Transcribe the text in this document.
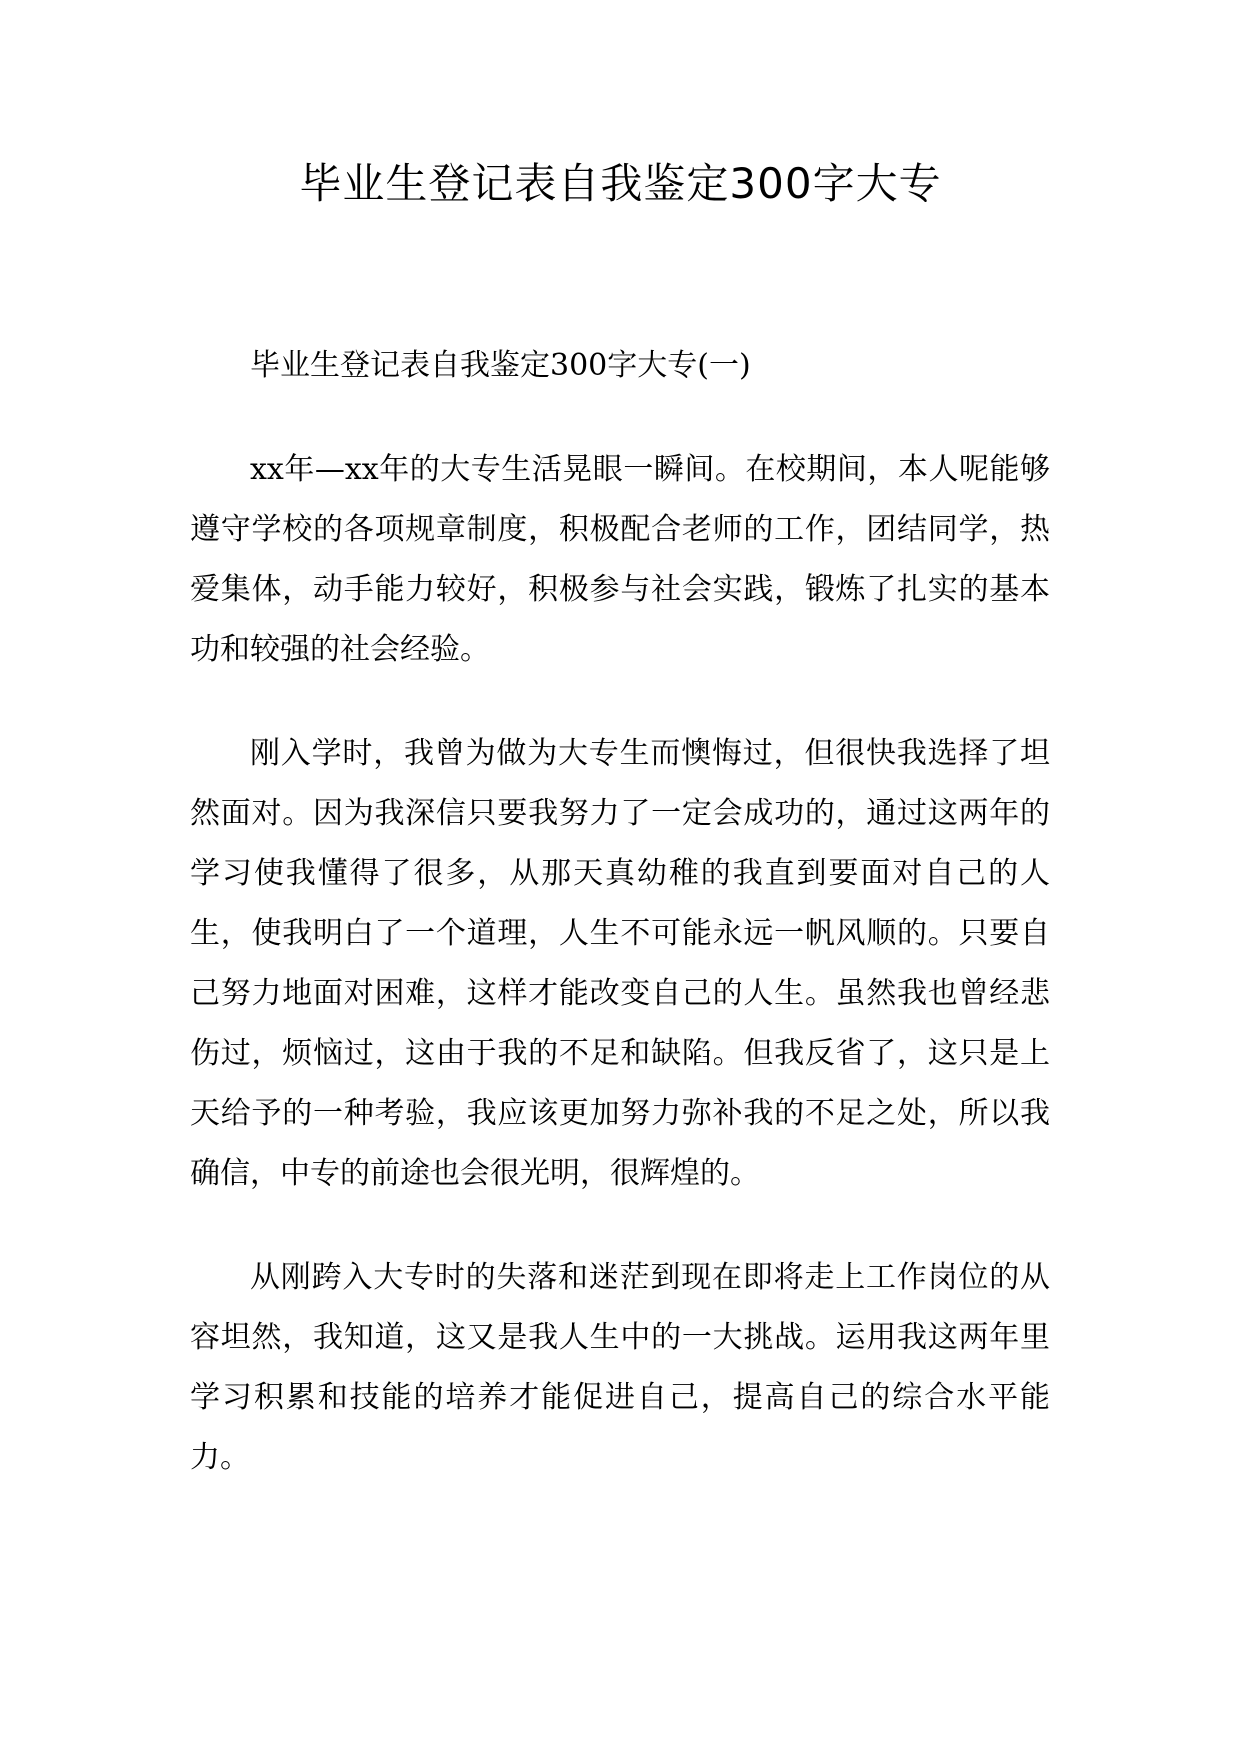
毕业生登记表自我鉴定300字大专
毕业生登记表自我鉴定300字大专(一)

xx年—xx年的大专生活晃眼一瞬间。在校期间，本人呢能够遵守学校的各项规章制度，积极配合老师的工作，团结同学，热爱集体，动手能力较好，积极参与社会实践，锻炼了扎实的基本功和较强的社会经验。

刚入学时，我曾为做为大专生而懊悔过，但很快我选择了坦然面对。因为我深信只要我努力了一定会成功的，通过这两年的学习使我懂得了很多，从那天真幼稚的我直到要面对自己的人生，使我明白了一个道理，人生不可能永远一帆风顺的。只要自己努力地面对困难，这样才能改变自己的人生。虽然我也曾经悲伤过，烦恼过，这由于我的不足和缺陷。但我反省了，这只是上天给予的一种考验，我应该更加努力弥补我的不足之处，所以我确信，中专的前途也会很光明，很辉煌的。

从刚跨入大专时的失落和迷茫到现在即将走上工作岗位的从容坦然，我知道，这又是我人生中的一大挑战。运用我这两年里学习积累和技能的培养才能促进自己，提高自己的综合水平能力。
